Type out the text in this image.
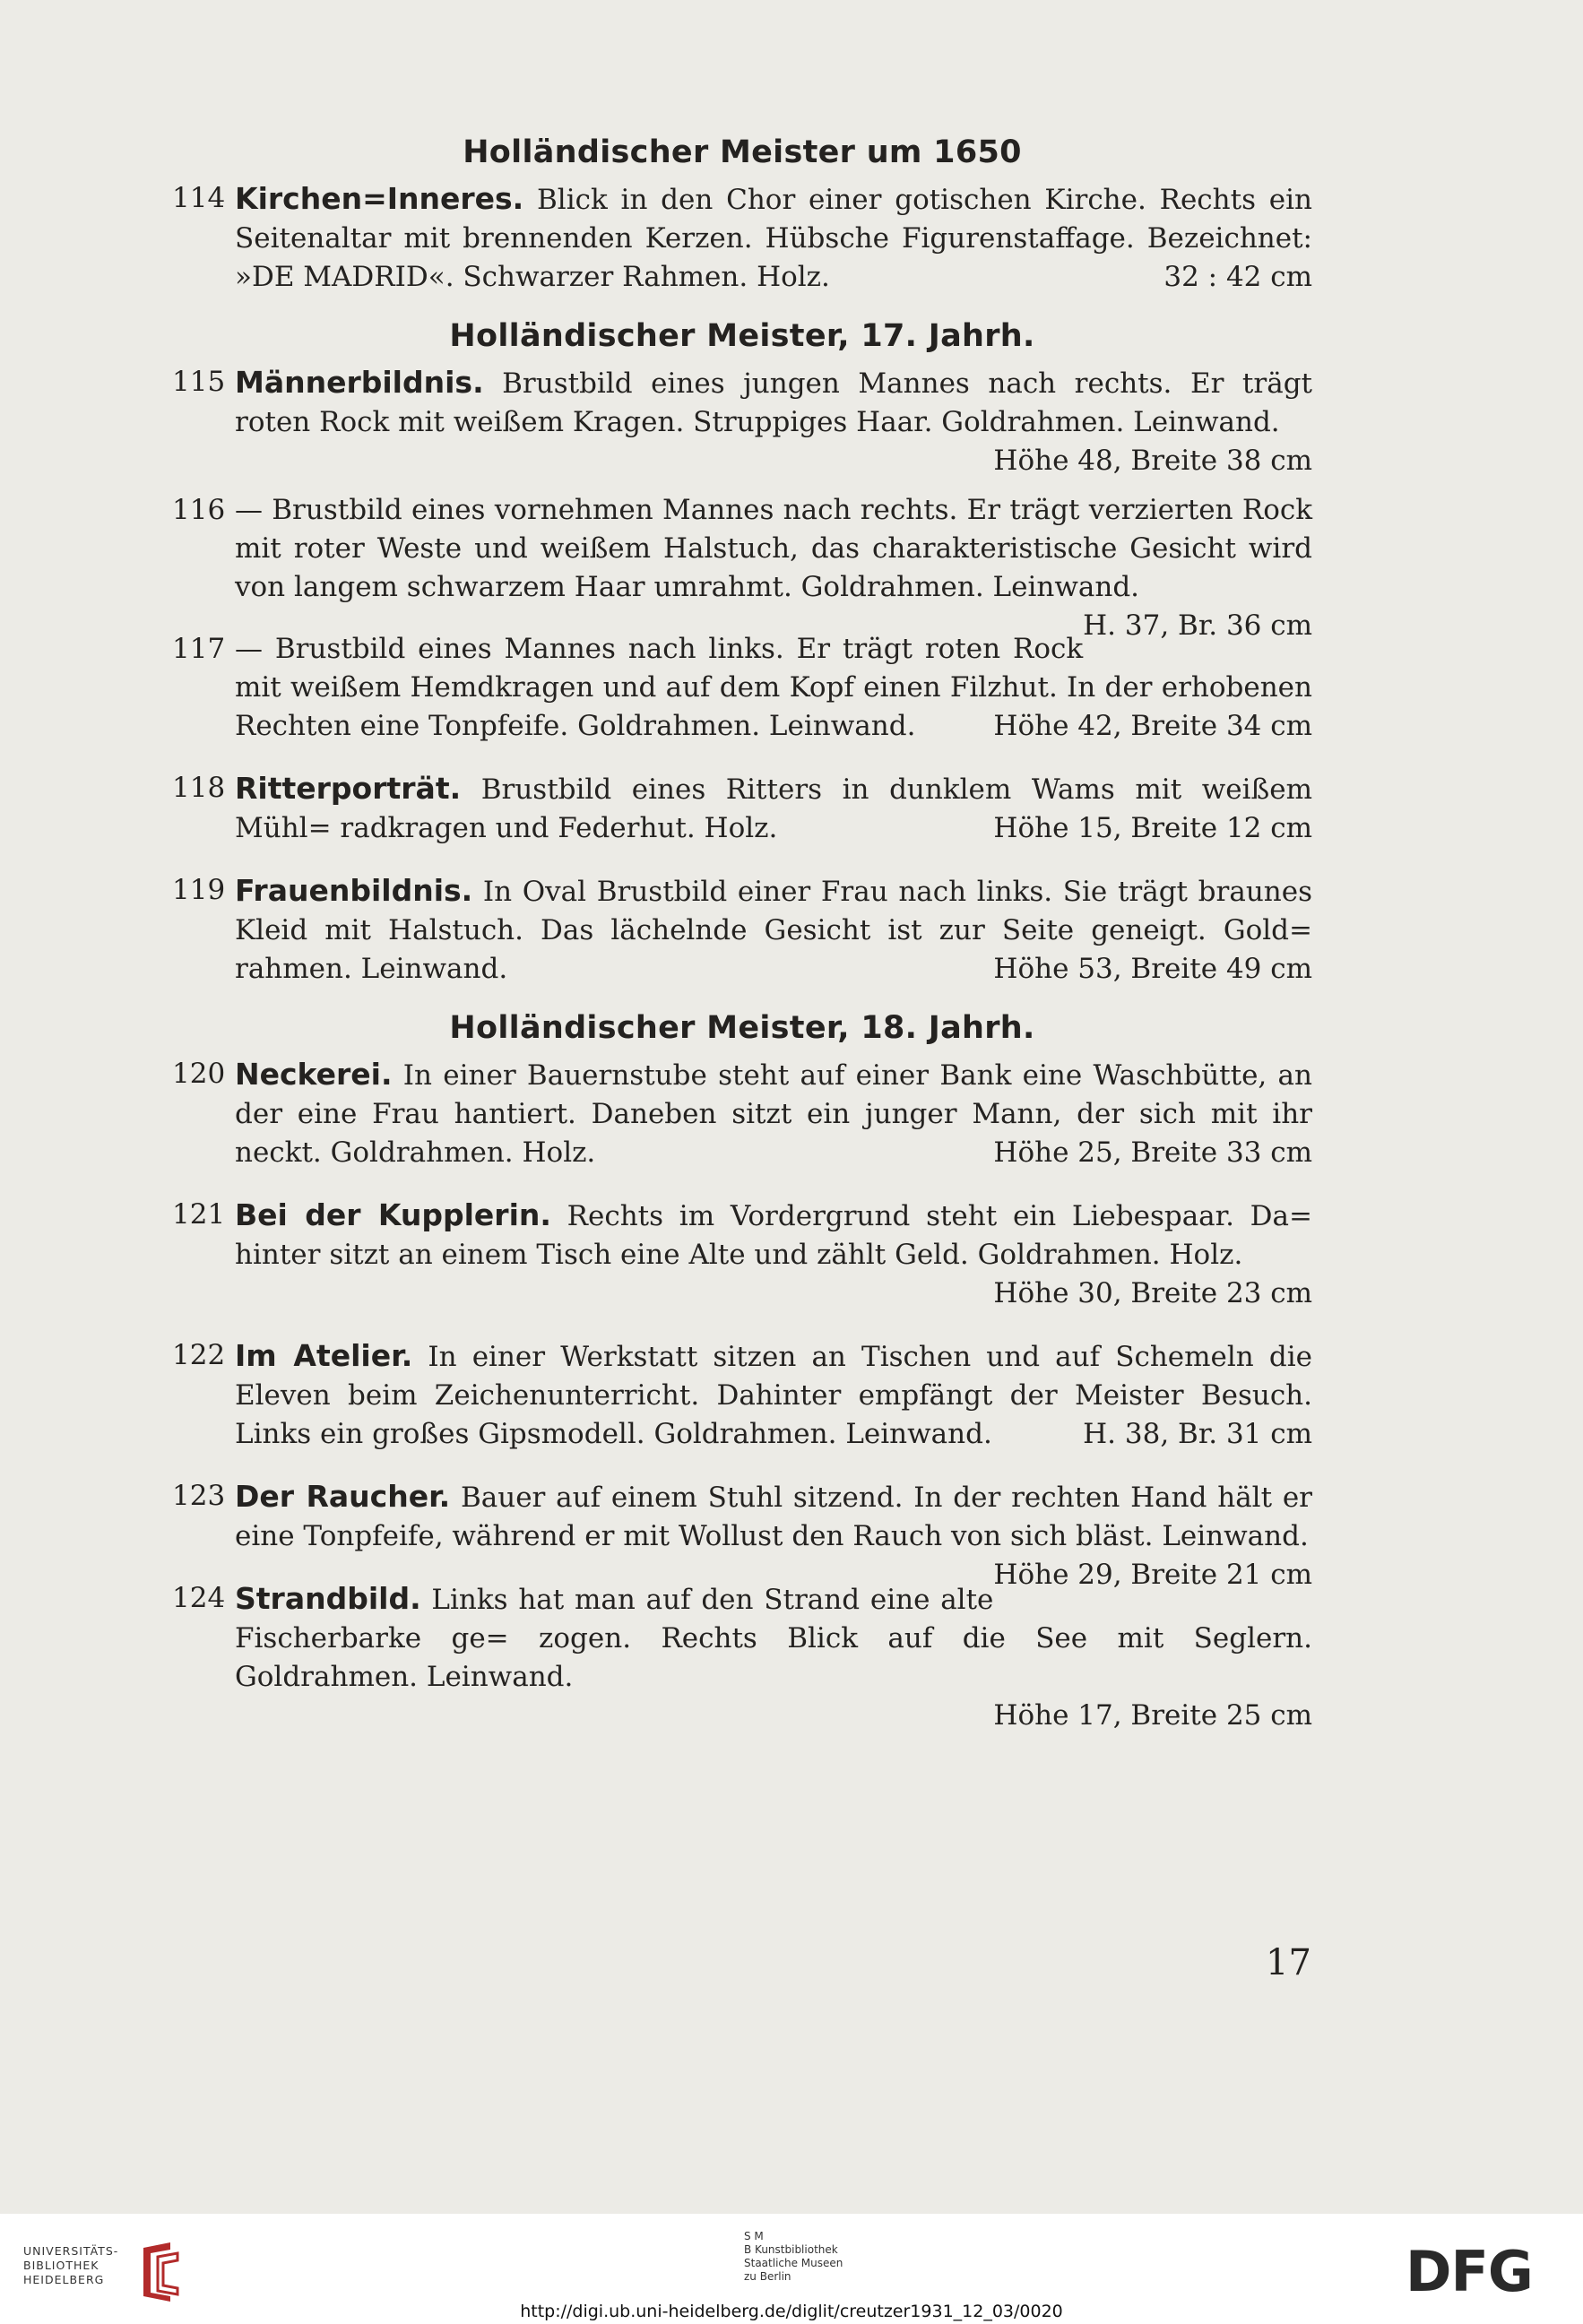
Holländischer Meister um 1650
114 Kirchen=Inneres. Blick in den Chor einer gotischen Kirche. Rechts ein Seitenaltar mit brennenden Kerzen. Hübsche Figurenstaffage. Bezeichnet: »DE MADRID«. Schwarzer Rahmen. Holz.	32 : 42 cm
Holländischer Meister, 17. Jahrh.
115 Männerbildnis. Brustbild eines jungen Mannes nach rechts. Er trägt roten Rock mit weißem Kragen. Struppiges Haar. Goldrahmen. Leinwand.
Höhe 48, Breite 38 cm
116 — Brustbild eines vornehmen Mannes nach rechts. Er trägt verzierten Rock mit roter Weste und weißem Halstuch, das charakteristische Gesicht wird von langem schwarzem Haar umrahmt. Goldrahmen. Leinwand.
H. 37, Br. 36 cm
117 — Brustbild eines Mannes nach links. Er trägt roten Rock mit weißem Hemdkragen und auf dem Kopf einen Filzhut. In der erhobenen Rechten eine Tonpfeife. Goldrahmen. Leinwand.	Höhe 42, Breite 34 cm
118 Ritterporträt. Brustbild eines Ritters in dunklem Wams mit weißem Mühl= radkragen und Federhut. Holz.	Höhe 15, Breite 12 cm
119 Frauenbildnis. In Oval Brustbild einer Frau nach links. Sie trägt braunes Kleid mit Halstuch. Das lächelnde Gesicht ist zur Seite geneigt. Gold= rahmen. Leinwand.	Höhe 53, Breite 49 cm
Holländischer Meister, 18. Jahrh.
120 Neckerei. In einer Bauernstube steht auf einer Bank eine Waschbütte, an der eine Frau hantiert. Daneben sitzt ein junger Mann, der sich mit ihr neckt. Goldrahmen. Holz.	Höhe 25, Breite 33 cm
121 Bei der Kupplerin. Rechts im Vordergrund steht ein Liebespaar. Da= hinter sitzt an einem Tisch eine Alte und zählt Geld. Goldrahmen. Holz.
Höhe 30, Breite 23 cm
122 Im Atelier. In einer Werkstatt sitzen an Tischen und auf Schemeln die Eleven beim Zeichenunterricht. Dahinter empfängt der Meister Besuch. Links ein großes Gipsmodell. Goldrahmen. Leinwand.	H. 38, Br. 31 cm
123 Der Raucher. Bauer auf einem Stuhl sitzend. In der rechten Hand hält er eine Tonpfeife, während er mit Wollust den Rauch von sich bläst. Leinwand.
Höhe 29, Breite 21 cm
124 Strandbild. Links hat man auf den Strand eine alte Fischerbarke ge= zogen. Rechts Blick auf die See mit Seglern. Goldrahmen. Leinwand.
Höhe 17, Breite 25 cm
17
UNIVERSITÄTS-
BIBLIOTHEK
HEIDELBERG
S M
B Kunstbibliothek
Staatliche Museen
zu Berlin	DFG
http://digi.ub.uni-heidelberg.de/diglit/creutzer1931_12_03/0020
